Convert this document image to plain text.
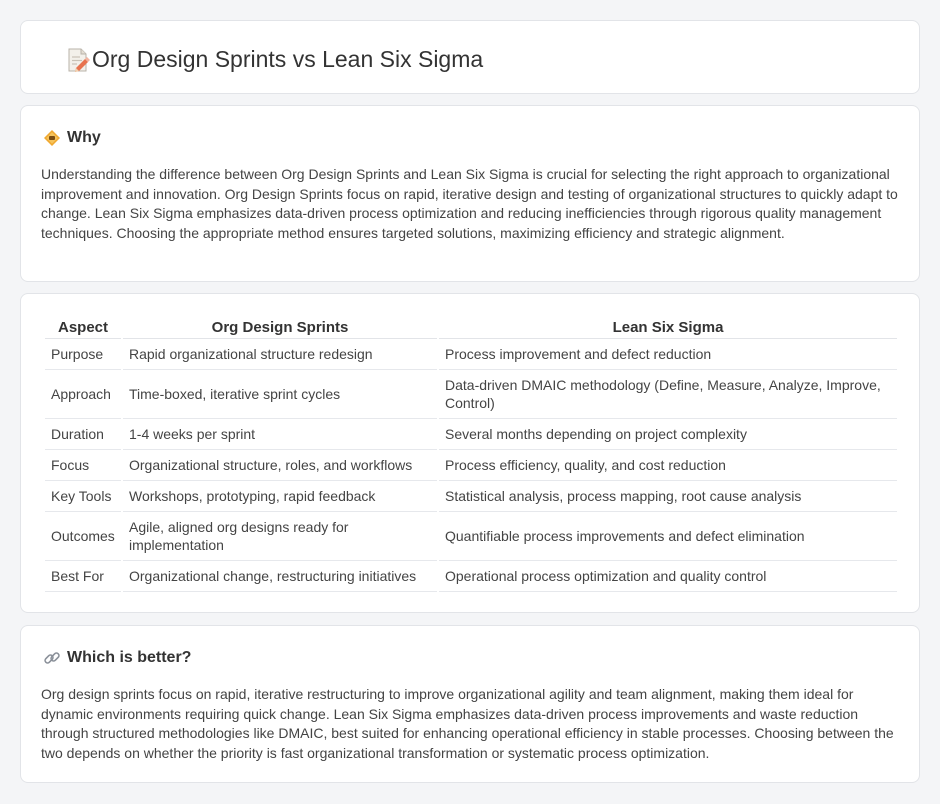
Org Design Sprints vs Lean Six Sigma
Why

Understanding the difference between Org Design Sprints and Lean Six Sigma is crucial for selecting the right approach to organizational improvement and innovation. Org Design Sprints focus on rapid, iterative design and testing of organizational structures to quickly adapt to change. Lean Six Sigma emphasizes data-driven process optimization and reducing inefficiencies through rigorous quality management techniques. Choosing the appropriate method ensures targeted solutions, maximizing efficiency and strategic alignment.

Aspect	Org Design Sprints	Lean Six Sigma
Purpose	Rapid organizational structure redesign	Process improvement and defect reduction
Approach	Time-boxed, iterative sprint cycles	Data-driven DMAIC methodology (Define, Measure, Analyze, Improve, Control)
Duration	1-4 weeks per sprint	Several months depending on project complexity
Focus	Organizational structure, roles, and workflows	Process efficiency, quality, and cost reduction
Key Tools	Workshops, prototyping, rapid feedback	Statistical analysis, process mapping, root cause analysis
Outcomes	Agile, aligned org designs ready for implementation	Quantifiable process improvements and defect elimination
Best For	Organizational change, restructuring initiatives	Operational process optimization and quality control
Which is better?

Org design sprints focus on rapid, iterative restructuring to improve organizational agility and team alignment, making them ideal for dynamic environments requiring quick change. Lean Six Sigma emphasizes data-driven process improvements and waste reduction through structured methodologies like DMAIC, best suited for enhancing operational efficiency in stable processes. Choosing between the two depends on whether the priority is fast organizational transformation or systematic process optimization.
